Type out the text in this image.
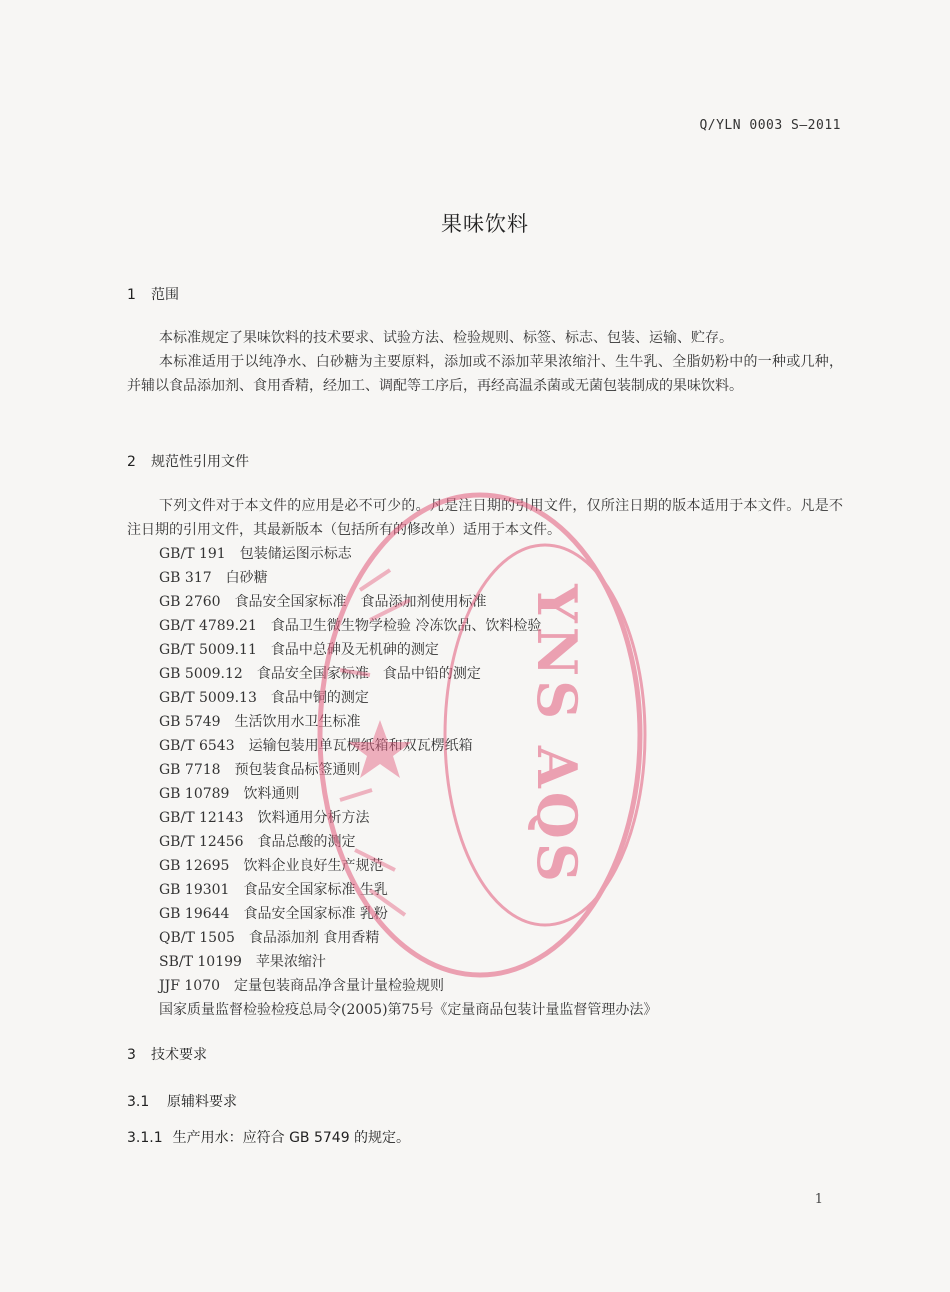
Q/YLN 0003 S—2011
果味饮料
1 范围
本标准规定了果味饮料的技术要求、试验方法、检验规则、标签、标志、包装、运输、贮存。
本标准适用于以纯净水、白砂糖为主要原料，添加或不添加苹果浓缩汁、生牛乳、全脂奶粉中的一种或几种，并辅以食品添加剂、食用香精，经加工、调配等工序后，再经高温杀菌或无菌包装制成的果味饮料。
2 规范性引用文件
下列文件对于本文件的应用是必不可少的。凡是注日期的引用文件，仅所注日期的版本适用于本文件。凡是不注日期的引用文件，其最新版本（包括所有的修改单）适用于本文件。
GB/T 191 包装储运图示标志
GB 317 白砂糖
GB 2760 食品安全国家标准　食品添加剂使用标准
GB/T 4789.21 食品卫生微生物学检验 冷冻饮品、饮料检验
GB/T 5009.11 食品中总砷及无机砷的测定
GB 5009.12 食品安全国家标准　食品中铅的测定
GB/T 5009.13 食品中铜的测定
GB 5749 生活饮用水卫生标准
GB/T 6543 运输包装用单瓦楞纸箱和双瓦楞纸箱
GB 7718 预包装食品标签通则
GB 10789 饮料通则
GB/T 12143 饮料通用分析方法
GB/T 12456 食品总酸的测定
GB 12695 饮料企业良好生产规范
GB 19301 食品安全国家标准 生乳
GB 19644 食品安全国家标准 乳粉
QB/T 1505 食品添加剂 食用香精
SB/T 10199 苹果浓缩汁
JJF 1070 定量包装商品净含量计量检验规则
国家质量监督检验检疫总局令(2005)第75号《定量商品包装计量监督管理办法》
3 技术要求
3.1 原辅料要求
3.1.1 生产用水：应符合 GB 5749 的规定。
1
YNS AQS
